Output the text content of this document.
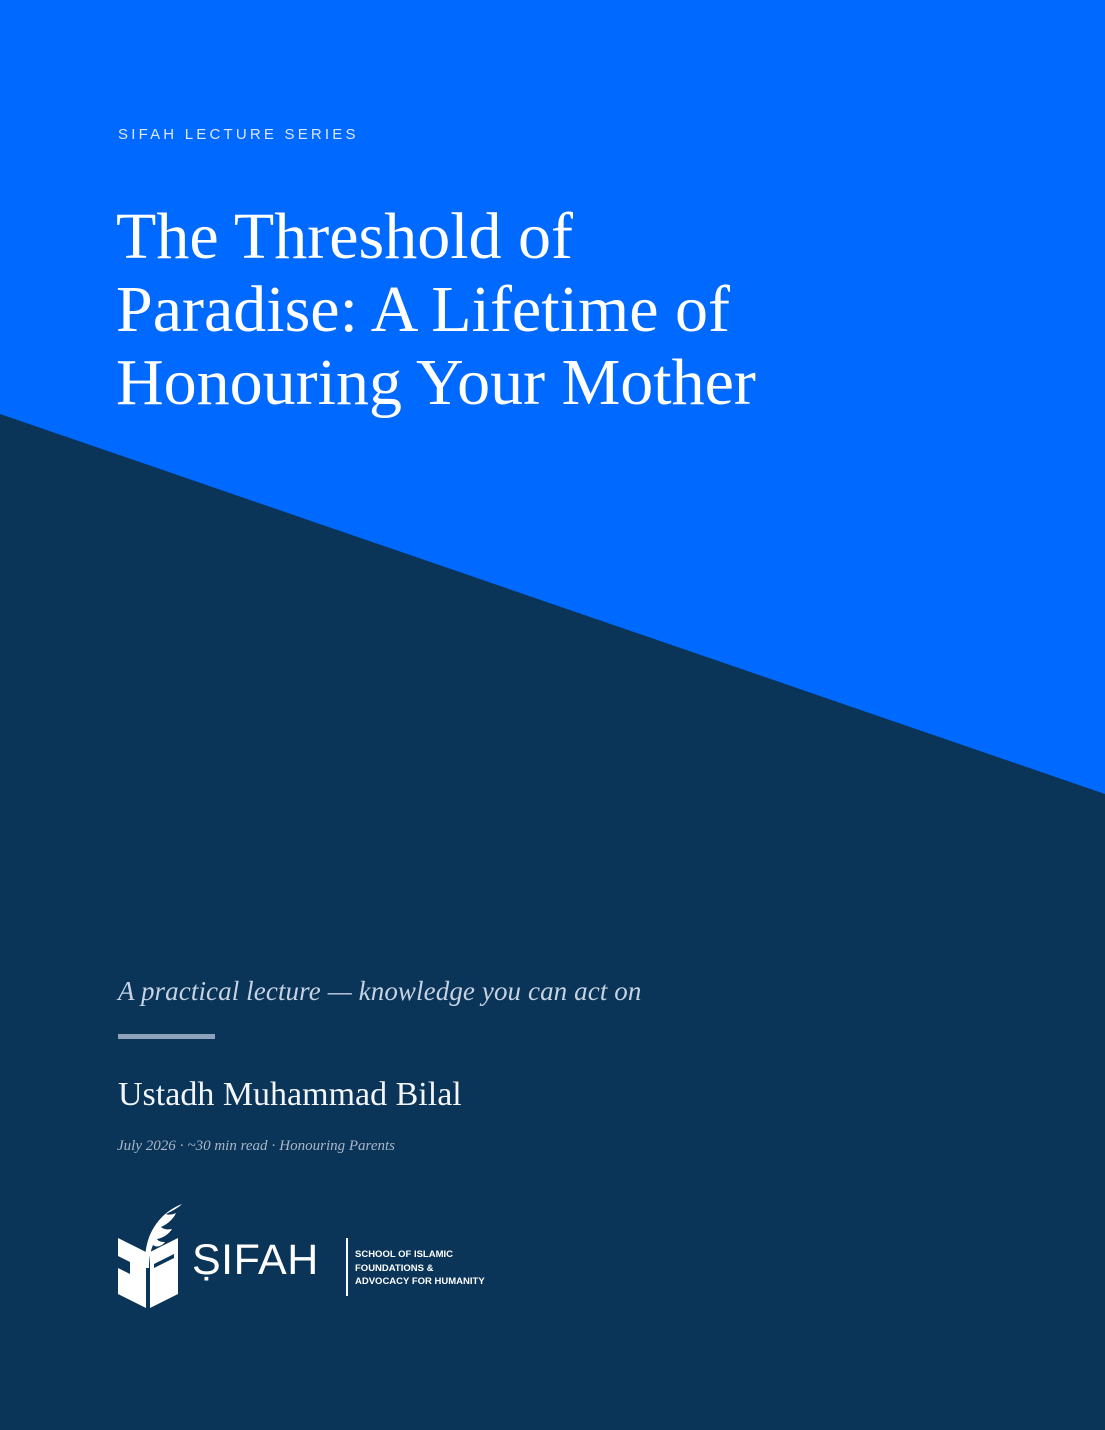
SIFAH LECTURE SERIES

The Threshold of
Paradise: A Lifetime of
Honouring Your Mother

A practical lecture — knowledge you can act on

Ustadh Muhammad Bilal

July 2026 · ~30 min read · Honouring Parents

ṢIFAH	SCHOOL OF ISLAMIC
FOUNDATIONS &
ADVOCACY FOR HUMANITY
